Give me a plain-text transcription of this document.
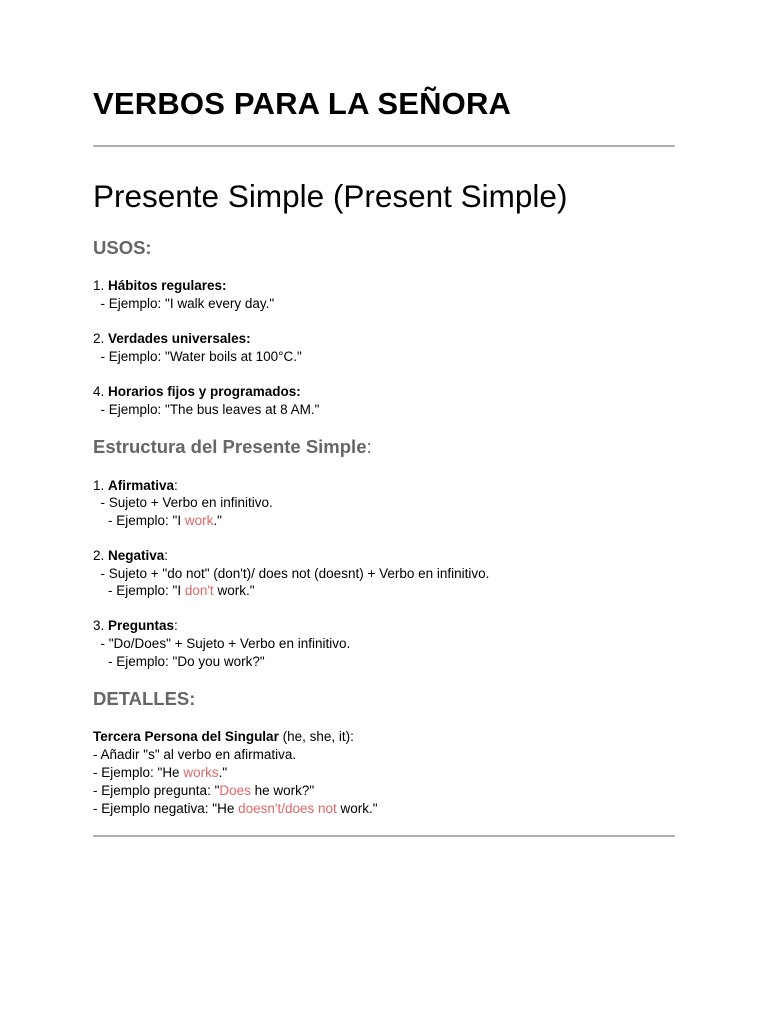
VERBOS PARA LA SEÑORA
Presente Simple (Present Simple)
USOS:
1. Hábitos regulares:
- Ejemplo: "I walk every day."
2. Verdades universales:
- Ejemplo: "Water boils at 100°C."
4. Horarios fijos y programados:
- Ejemplo: "The bus leaves at 8 AM."
Estructura del Presente Simple:
1. Afirmativa:
- Sujeto + Verbo en infinitivo.
- Ejemplo: "I work."
2. Negativa:
- Sujeto + "do not" (don't)/ does not (doesnt) + Verbo en infinitivo.
- Ejemplo: "I don't work."
3. Preguntas:
- "Do/Does" + Sujeto + Verbo en infinitivo.
- Ejemplo: "Do you work?"
DETALLES:
Tercera Persona del Singular (he, she, it):
- Añadir "s" al verbo en afirmativa.
- Ejemplo: "He works."
- Ejemplo pregunta: "Does he work?"
- Ejemplo negativa: "He doesn't/does not work."
